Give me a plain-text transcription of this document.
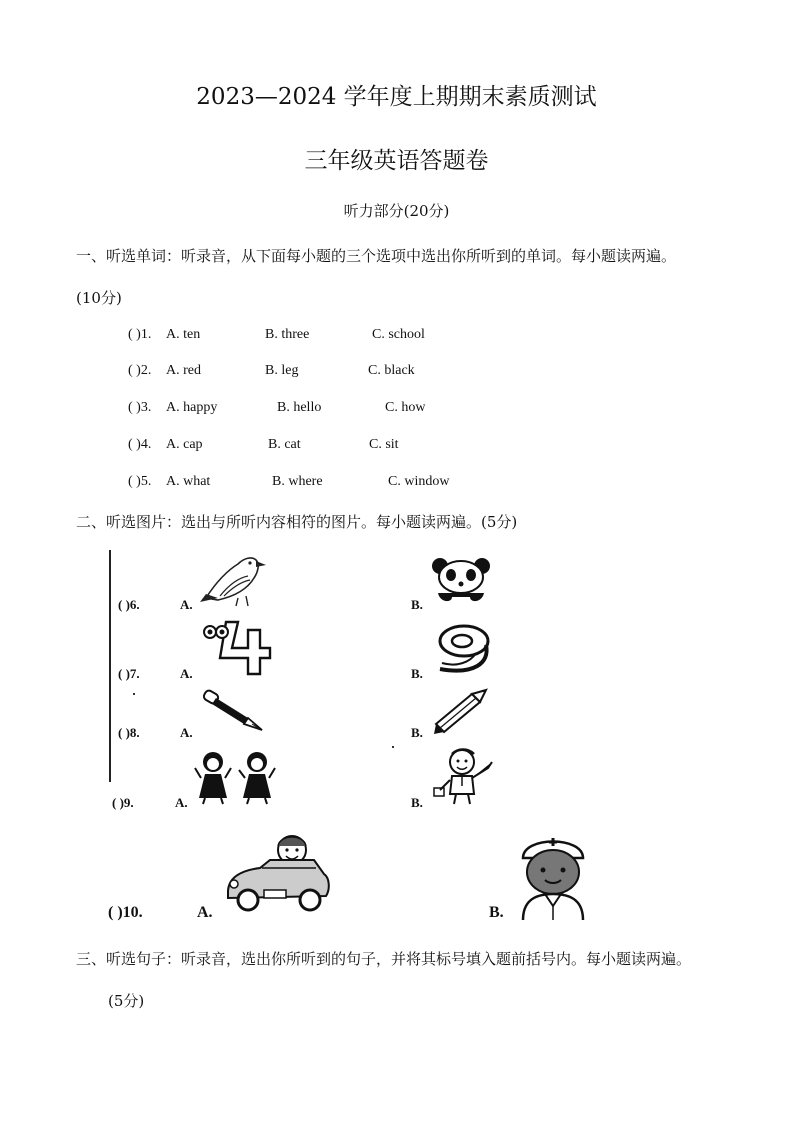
2023—2024 学年度上期期末素质测试
三年级英语答题卷
听力部分(20分)
一、听选单词：听录音，从下面每小题的三个选项中选出你所听到的单词。每小题读两遍。
(10分)
( )1. A. ten	B. three	C. school
( )2. A. red	B. leg	C. black
( )3. A. happy	B. hello	C. how
( )4. A. cap	B. cat	C. sit
( )5. A. what	B. where	C. window
二、听选图片：选出与所听内容相符的图片。每小题读两遍。(5分)
( )6.	A.	B.
( )7.	A.	B.
( )8.	A.	B.
( )9.	A.	B.
( )10.	A.	B.
三、听选句子：听录音，选出你所听到的句子，并将其标号填入题前括号内。每小题读两遍。
(5分)
